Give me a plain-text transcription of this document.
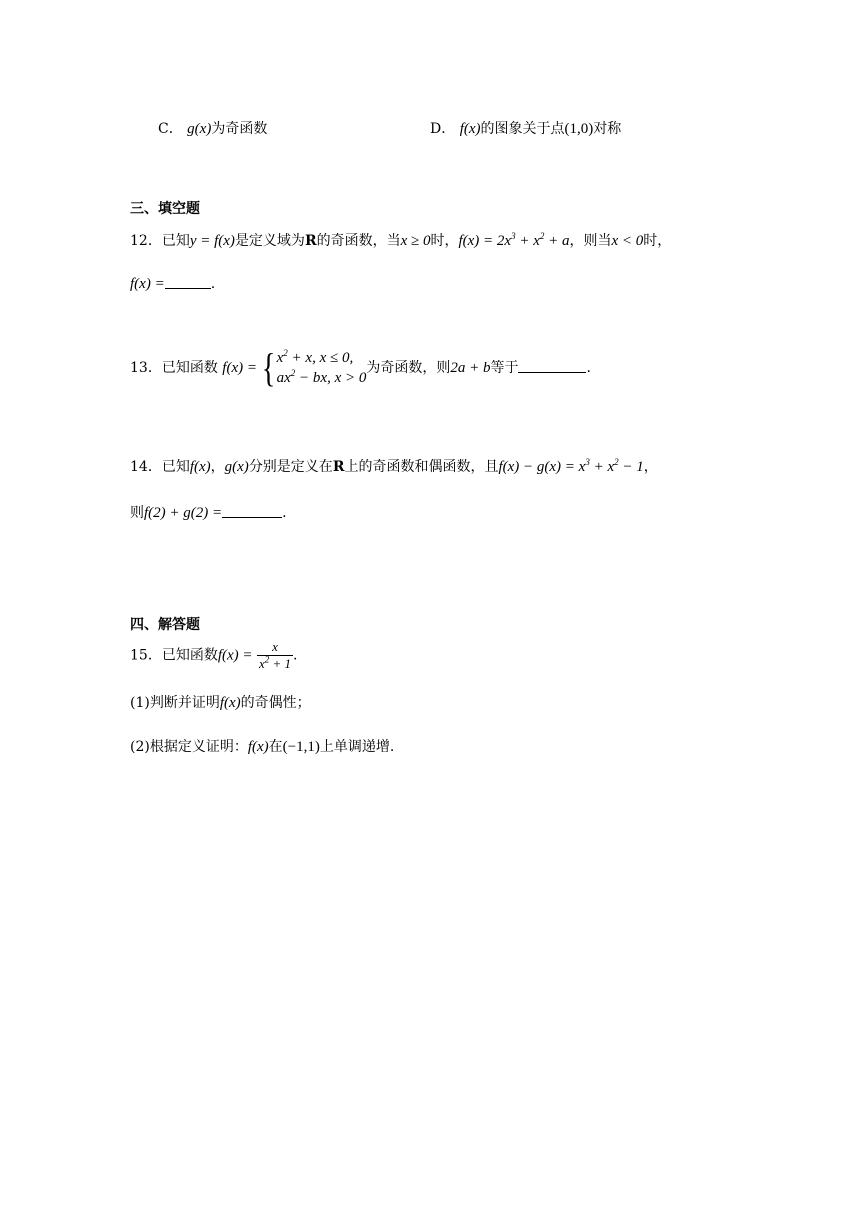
C． g(x)为奇函数	D． f(x)的图象关于点(1,0)对称
三、填空题
12．已知y = f(x)是定义域为R的奇函数，当x ≥ 0时，$f(x) = 2x^3 + x^2 + a$，则当x < 0时，
f(x) =	.
13．已知函数 f(x) = { $x^2 + x$, x ≤ 0,
$ax^2$ − bx, x > 0
为奇函数，则2a + b等于	.
14．已知f(x)，g(x)分别是定义在R上的奇函数和偶函数，且$f(x) - g(x) = x^3 + x^2 - 1$，
则f(2) + g(2) =	.
四、解答题
15．已知函数$f(x) = \frac{x}{x^2 + 1}$ .
(1)判断并证明f(x)的奇偶性；
(2)根据定义证明：f(x)在(−1,1)上单调递增.
